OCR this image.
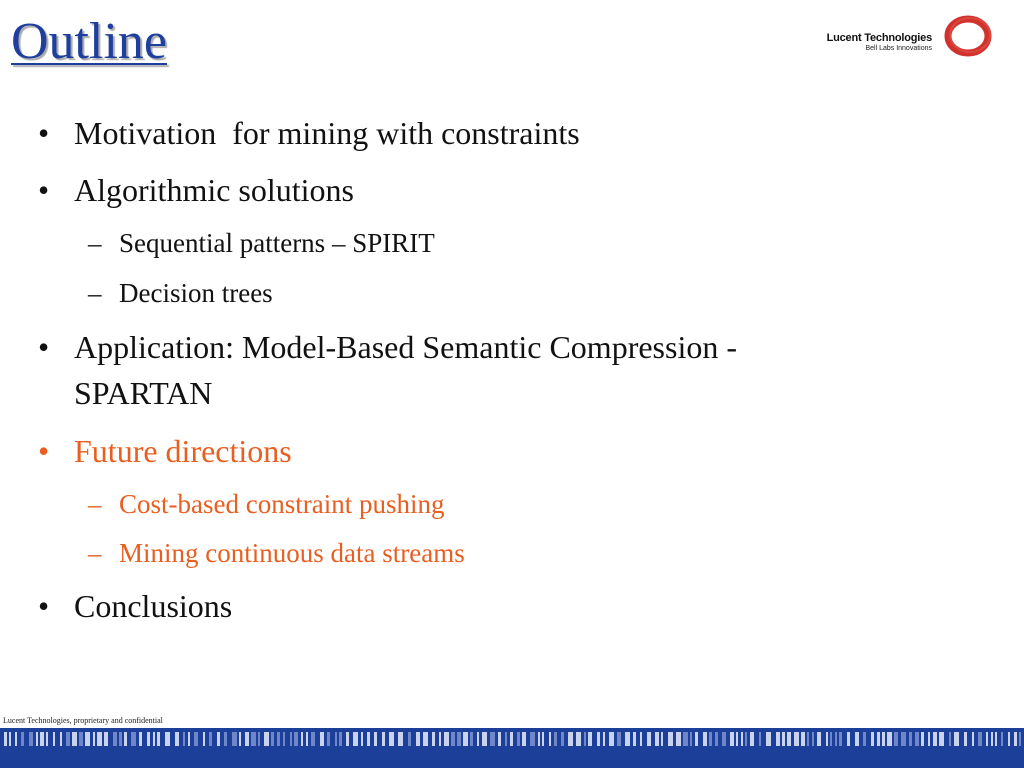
Outline	Lucent Technologies
Bell Labs Innovations
• Motivation  for mining with constraints
• Algorithmic solutions
– Sequential patterns – SPIRIT
– Decision trees
• Application: Model-Based Semantic Compression -
SPARTAN
• Future directions
– Cost-based constraint pushing
– Mining continuous data streams
• Conclusions
Lucent Technologies, proprietary and confidential
